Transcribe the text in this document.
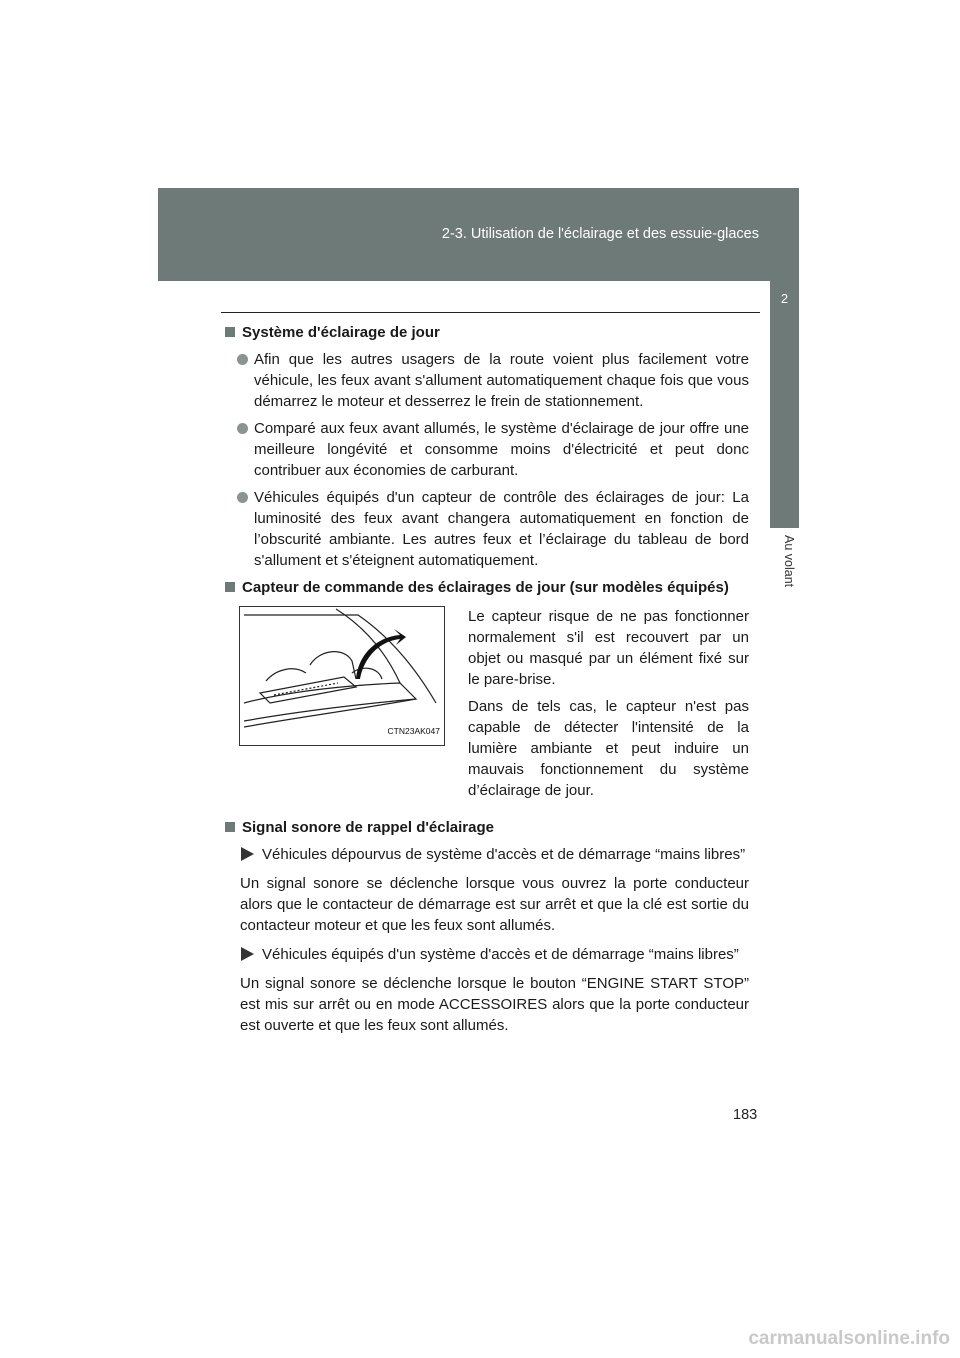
2-3. Utilisation de l'éclairage et des essuie-glaces
2
Au volant
Système d'éclairage de jour
Afin que les autres usagers de la route voient plus facilement votre véhicule, les feux avant s'allument automatiquement chaque fois que vous démarrez le moteur et desserrez le frein de stationnement.
Comparé aux feux avant allumés, le système d'éclairage de jour offre une meilleure longévité et consomme moins d'électricité et peut donc contribuer aux économies de carburant.
Véhicules équipés d'un capteur de contrôle des éclairages de jour: La luminosité des feux avant changera automatiquement en fonction de l’obscurité ambiante. Les autres feux et l’éclairage du tableau de bord s'allument et s'éteignent automatiquement.
Capteur de commande des éclairages de jour (sur modèles équipés)
CTN23AK047

Le capteur risque de ne pas fonctionner normalement s'il est recouvert par un objet ou masqué par un élément fixé sur le pare-brise.

Dans de tels cas, le capteur n'est pas capable de détecter l'intensité de la lumière ambiante et peut induire un mauvais fonctionnement du système d’éclairage de jour.

Signal sonore de rappel d'éclairage
Véhicules dépourvus de système d'accès et de démarrage “mains libres”
Un signal sonore se déclenche lorsque vous ouvrez la porte conducteur alors que le contacteur de démarrage est sur arrêt et que la clé est sortie du contacteur moteur et que les feux sont allumés.
Véhicules équipés d'un système d'accès et de démarrage “mains libres”
Un signal sonore se déclenche lorsque le bouton “ENGINE START STOP” est mis sur arrêt ou en mode ACCESSOIRES alors que la porte conducteur est ouverte et que les feux sont allumés.
183
carmanualsonline.info
